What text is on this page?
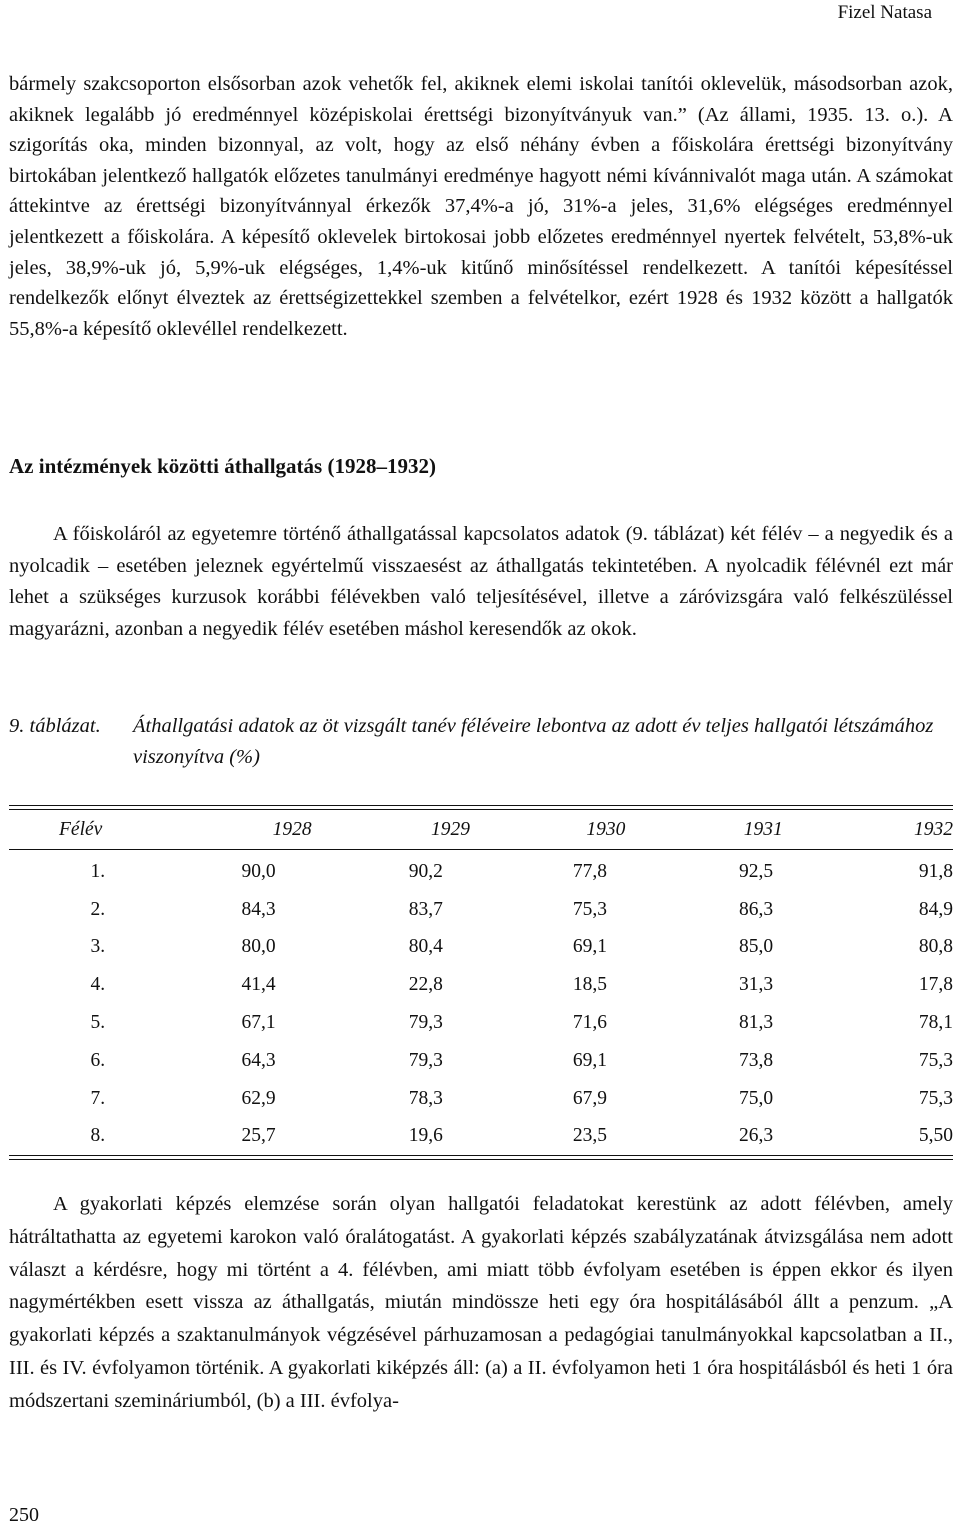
Fizel Natasa

bármely szakcsoporton elsősorban azok vehetők fel, akiknek elemi iskolai tanítói oklevelük, másodsorban azok, akiknek legalább jó eredménnyel középiskolai érettségi bizonyítványuk van.” (Az állami, 1935. 13. o.). A szigorítás oka, minden bizonnyal, az volt, hogy az első néhány évben a főiskolára érettségi bizonyítvány birtokában jelentkező hallgatók előzetes tanulmányi eredménye hagyott némi kívánnivalót maga után. A számokat áttekintve az érettségi bizonyítvánnyal érkezők 37,4%-a jó, 31%-a jeles, 31,6% elégséges eredménnyel jelentkezett a főiskolára. A képesítő oklevelek birtokosai jobb előzetes eredménnyel nyertek felvételt, 53,8%-uk jeles, 38,9%-uk jó, 5,9%-uk elégséges, 1,4%-uk kitűnő minősítéssel rendelkezett. A tanítói képesítéssel rendelkezők előnyt élveztek az érettségizettekkel szemben a felvételkor, ezért 1928 és 1932 között a hallgatók 55,8%-a képesítő oklevéllel rendelkezett.

Az intézmények közötti áthallgatás (1928–1932)

A főiskoláról az egyetemre történő áthallgatással kapcsolatos adatok (9. táblázat) két félév – a negyedik és a nyolcadik – esetében jeleznek egyértelmű visszaesést az áthallgatás tekintetében. A nyolcadik félévnél ezt már lehet a szükséges kurzusok korábbi félévekben való teljesítésével, illetve a záróvizsgára való felkészüléssel magyarázni, azonban a negyedik félév esetében máshol keresendők az okok.

9. táblázat. Áthallgatási adatok az öt vizsgált tanév féléveire lebontva az adott év teljes hallgatói létszámához viszonyítva (%)
Félév	1928	1929	1930	1931	1932
1.	90,0	90,2	77,8	92,5	91,8
2.	84,3	83,7	75,3	86,3	84,9
3.	80,0	80,4	69,1	85,0	80,8
4.	41,4	22,8	18,5	31,3	17,8
5.	67,1	79,3	71,6	81,3	78,1
6.	64,3	79,3	69,1	73,8	75,3
7.	62,9	78,3	67,9	75,0	75,3
8.	25,7	19,6	23,5	26,3	5,50

A gyakorlati képzés elemzése során olyan hallgatói feladatokat kerestünk az adott félévben, amely hátráltathatta az egyetemi karokon való óralátogatást. A gyakorlati képzés szabályzatának átvizsgálása nem adott választ a kérdésre, hogy mi történt a 4. félévben, ami miatt több évfolyam esetében is éppen ekkor és ilyen nagymértékben esett vissza az áthallgatás, miután mindössze heti egy óra hospitálásából állt a penzum. „A gyakorlati képzés a szaktanulmányok végzésével párhuzamosan a pedagógiai tanulmányokkal kapcsolatban a II., III. és IV. évfolyamon történik. A gyakorlati kiképzés áll: (a) a II. évfolyamon heti 1 óra hospitálásból és heti 1 óra módszertani szemináriumból, (b) a III. évfolya-

250
